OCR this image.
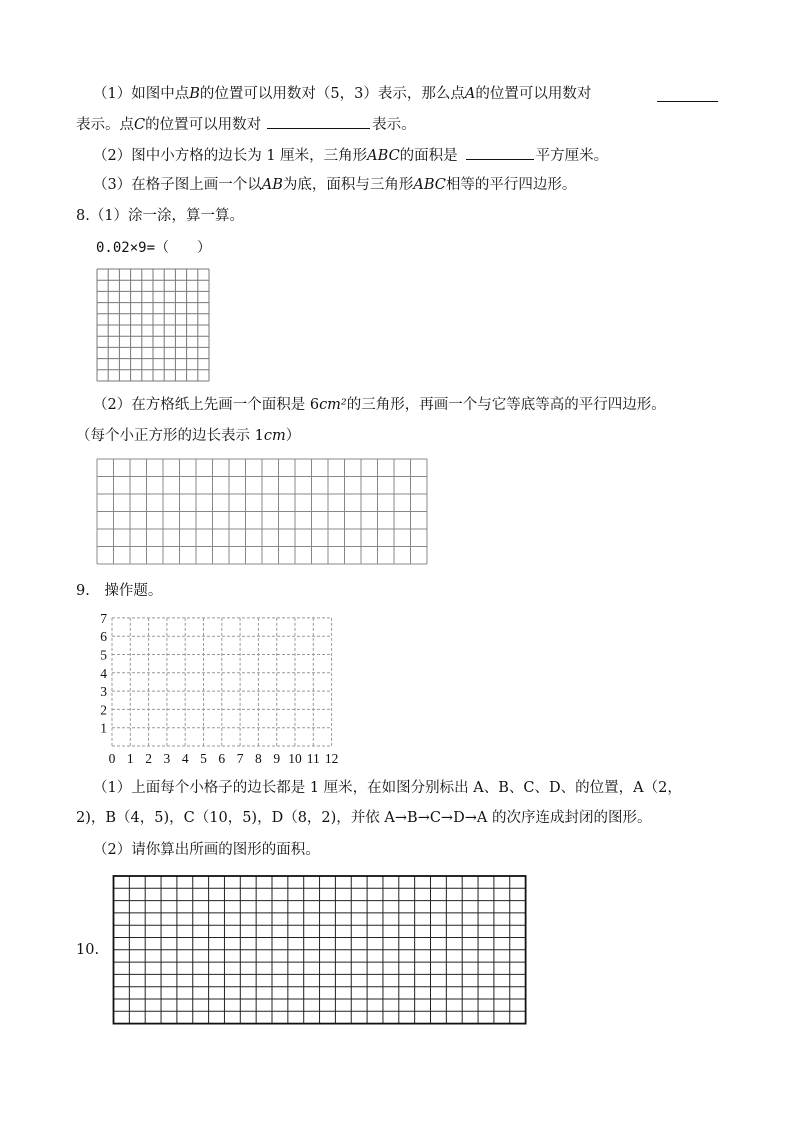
（1）如图中点B的位置可以用数对（5，3）表示，那么点A的位置可以用数对
表示。点C的位置可以用数对	表示。
（2）图中小方格的边长为 1 厘米，三角形ABC的面积是	平方厘米。
（3）在格子图上画一个以AB为底，面积与三角形ABC相等的平行四边形。
8.（1）涂一涂，算一算。
0.02×9=（　　）
（2）在方格纸上先画一个面积是 6cm²的三角形，再画一个与它等底等高的平行四边形。
（每个小正方形的边长表示 1cm）
9.　操作题。
1
2
3
4
5
6
7
0 1 2 3 4 5 6 7 8 9 10 11 12
（1）上面每个小格子的边长都是 1 厘米，在如图分别标出 A、B、C、D、的位置，A（2，
2)，B（4，5)，C（10，5)，D（8，2)，并依 A→B→C→D→A 的次序连成封闭的图形。
（2）请你算出所画的图形的面积。
10.
